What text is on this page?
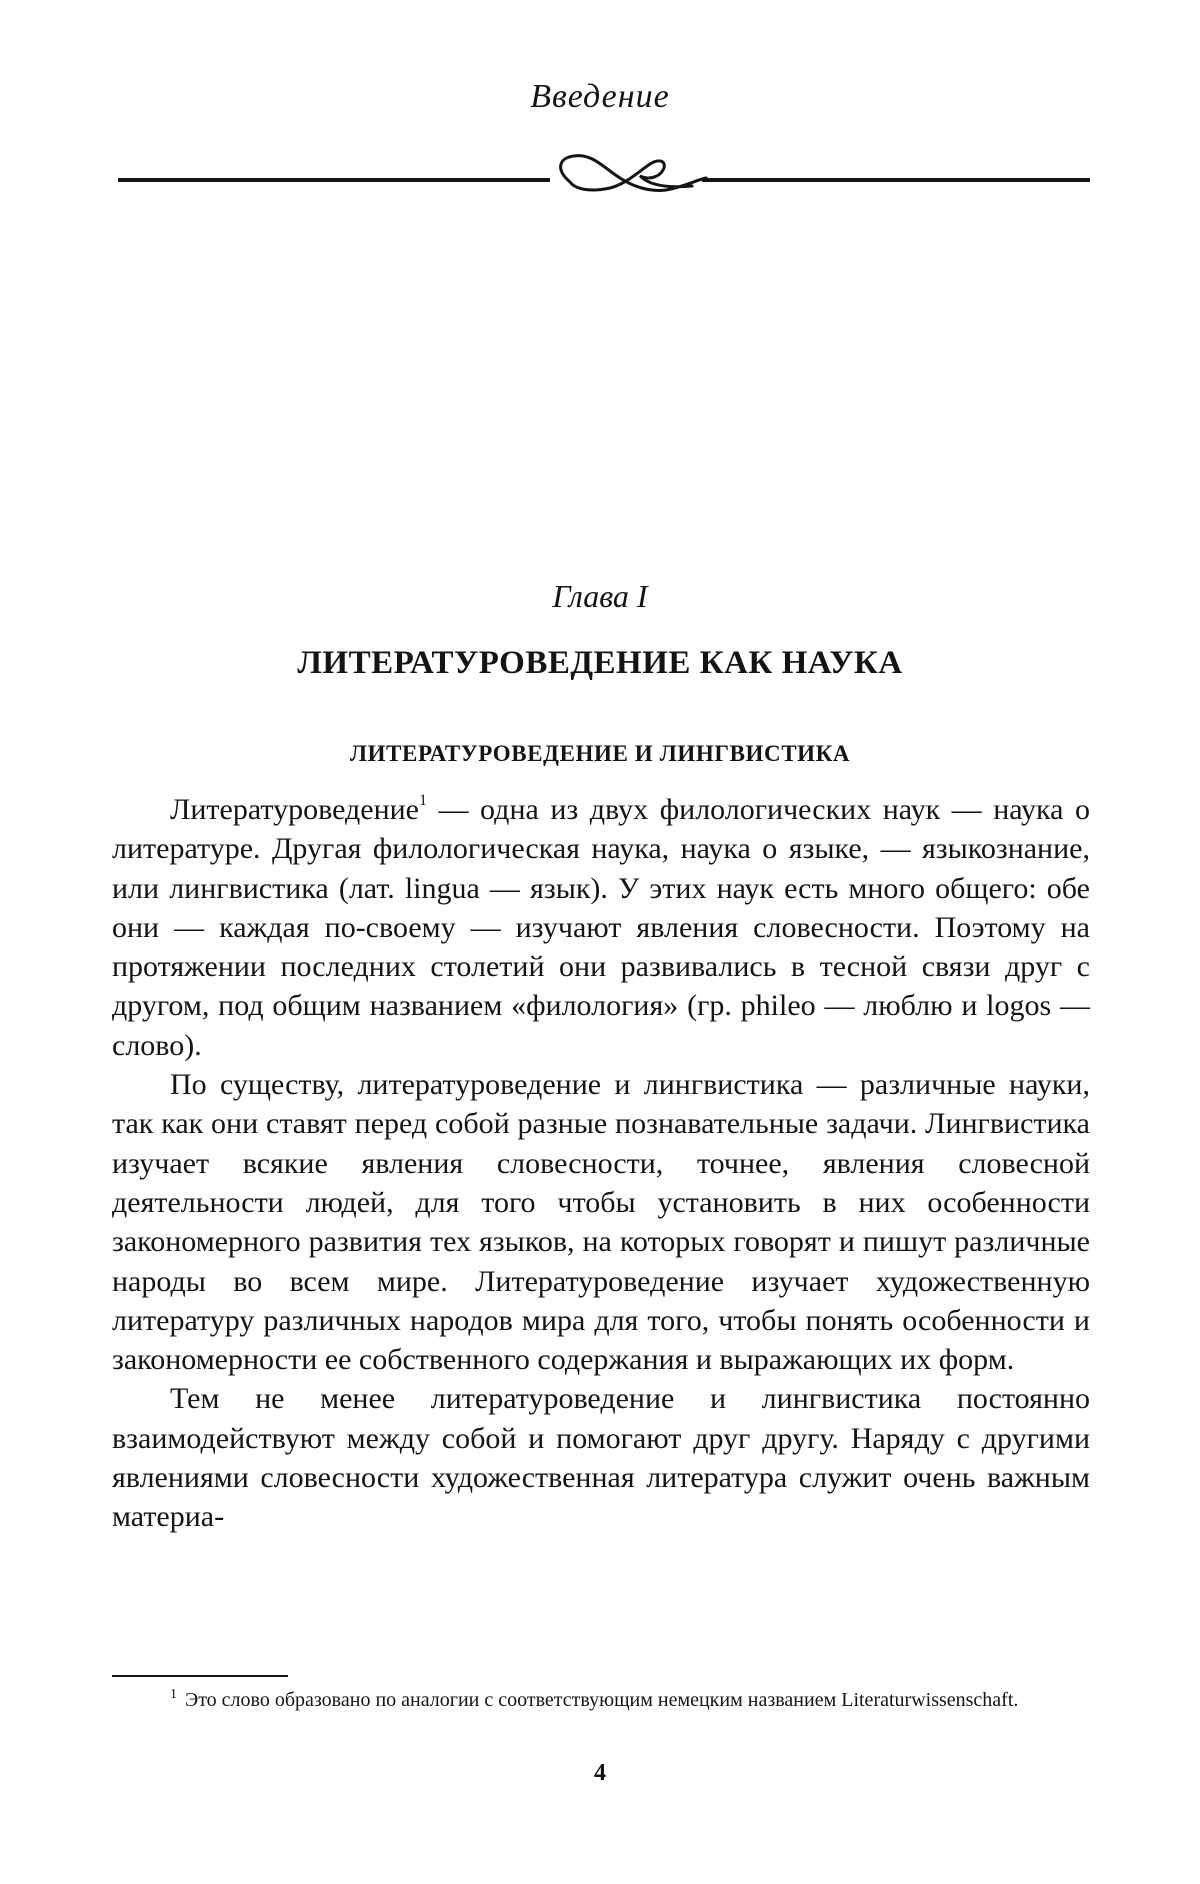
Введение
Глава I
ЛИТЕРАТУРОВЕДЕНИЕ КАК НАУКА
ЛИТЕРАТУРОВЕДЕНИЕ И ЛИНГВИСТИКА

Литературоведение$^1$ — одна из двух филологических наук — наука о литературе. Другая филологическая наука, наука о языке, — языкознание, или лингвистика (лат. lingua — язык). У этих наук есть много общего: обе они — каждая по-своему — изучают явления словесности. Поэтому на протяжении последних столетий они развивались в тесной связи друг с другом, под общим названием «филология» (гр. phileo — люблю и logos — слово).

По существу, литературоведение и лингвистика — различные науки, так как они ставят перед собой разные познавательные задачи. Лингвистика изучает всякие явления словесности, точнее, явления словесной деятельности людей, для того чтобы установить в них особенности закономерного развития тех языков, на которых говорят и пишут различные народы во всем мире. Литературоведение изучает художественную литературу различных народов мира для того, чтобы понять особенности и закономерности ее собственного содержания и выражающих их форм.

Тем не менее литературоведение и лингвистика постоянно взаимодействуют между собой и помогают друг другу. Наряду с другими явлениями словесности художественная литература служит очень важным материа-

$^1$ Это слово образовано по аналогии с соответствующим немецким названием Literaturwissenschaft.
4
